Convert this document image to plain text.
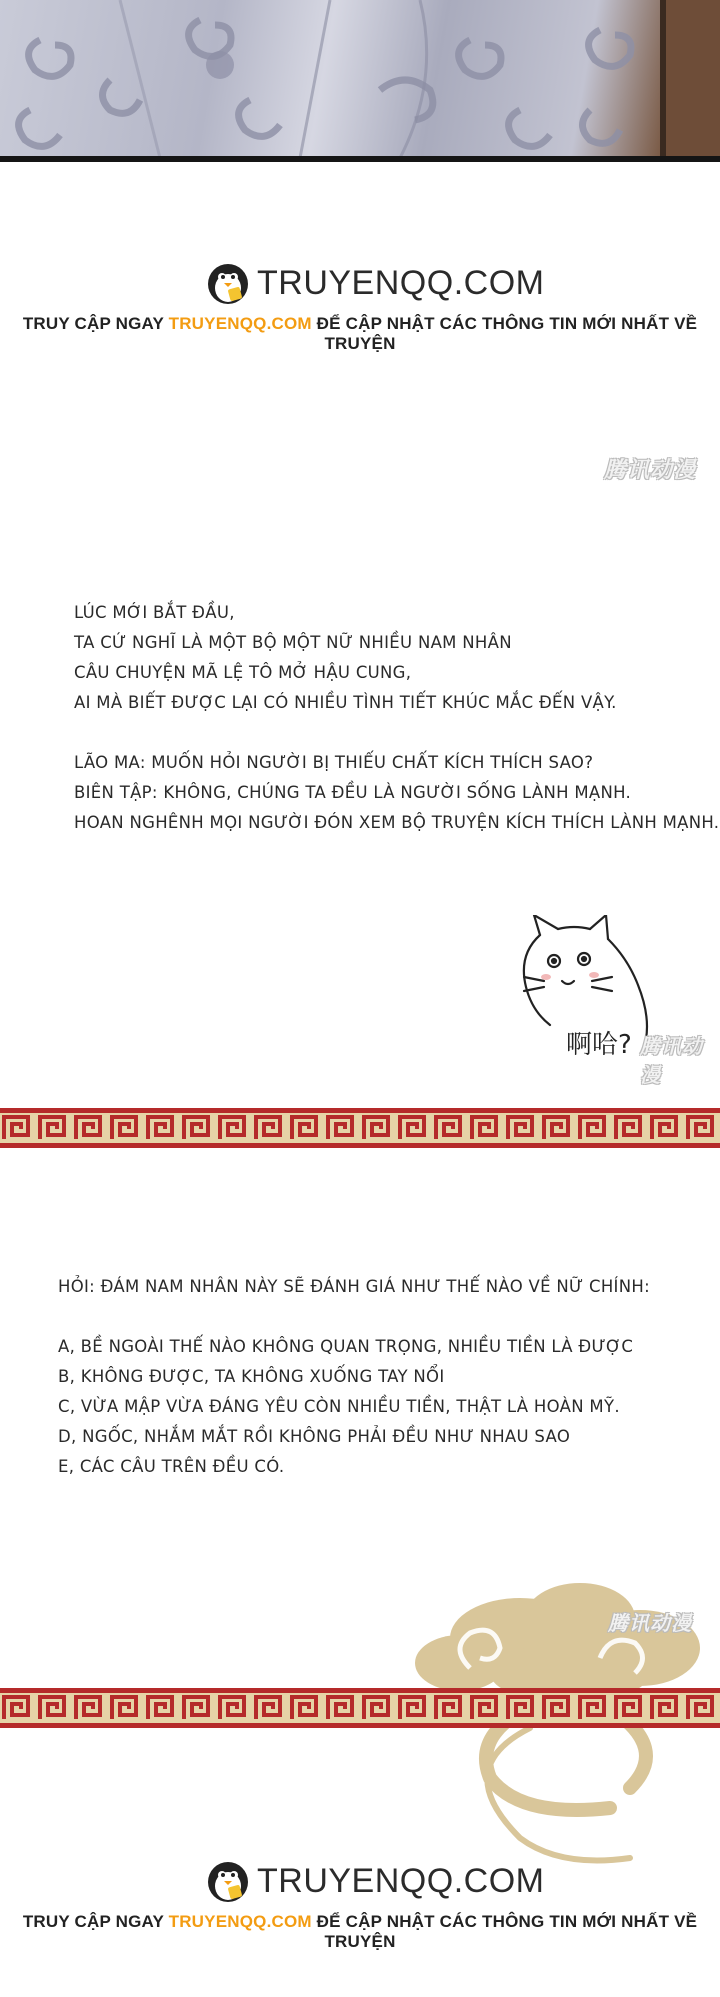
TRUYENQQ.COM
TRUY CẬP NGAY TRUYENQQ.COM ĐỂ CẬP NHẬT CÁC THÔNG TIN MỚI NHẤT VỀ TRUYỆN
腾讯动漫

LÚC MỚI BẮT ĐẦU,

TA CỨ NGHĨ LÀ MỘT BỘ MỘT NỮ NHIỀU NAM NHÂN

CÂU CHUYỆN MÃ LỆ TÔ MỞ HẬU CUNG,

AI MÀ BIẾT ĐƯỢC LẠI CÓ NHIỀU TÌNH TIẾT KHÚC MẮC ĐẾN VẬY.

LÃO MA: MUỐN HỎI NGƯỜI BỊ THIẾU CHẤT KÍCH THÍCH SAO?

BIÊN TẬP: KHÔNG, CHÚNG TA ĐỀU LÀ NGƯỜI SỐNG LÀNH MẠNH.

HOAN NGHÊNH MỌI NGƯỜI ĐÓN XEM BỘ TRUYỆN KÍCH THÍCH LÀNH MẠNH.

啊哈? 腾讯动漫

HỎI: ĐÁM NAM NHÂN NÀY SẼ ĐÁNH GIÁ NHƯ THẾ NÀO VỀ NỮ CHÍNH:

A, BỀ NGOÀI THẾ NÀO KHÔNG QUAN TRỌNG, NHIỀU TIỀN LÀ ĐƯỢC

B, KHÔNG ĐƯỢC, TA KHÔNG XUỐNG TAY NỔI

C, VỪA MẬP VỪA ĐÁNG YÊU CÒN NHIỀU TIỀN, THẬT LÀ HOÀN MỸ.

D, NGỐC, NHẮM MẮT RỒI KHÔNG PHẢI ĐỀU NHƯ NHAU SAO

E, CÁC CÂU TRÊN ĐỀU CÓ.

腾讯动漫
TRUYENQQ.COM
TRUY CẬP NGAY TRUYENQQ.COM ĐỂ CẬP NHẬT CÁC THÔNG TIN MỚI NHẤT VỀ TRUYỆN
